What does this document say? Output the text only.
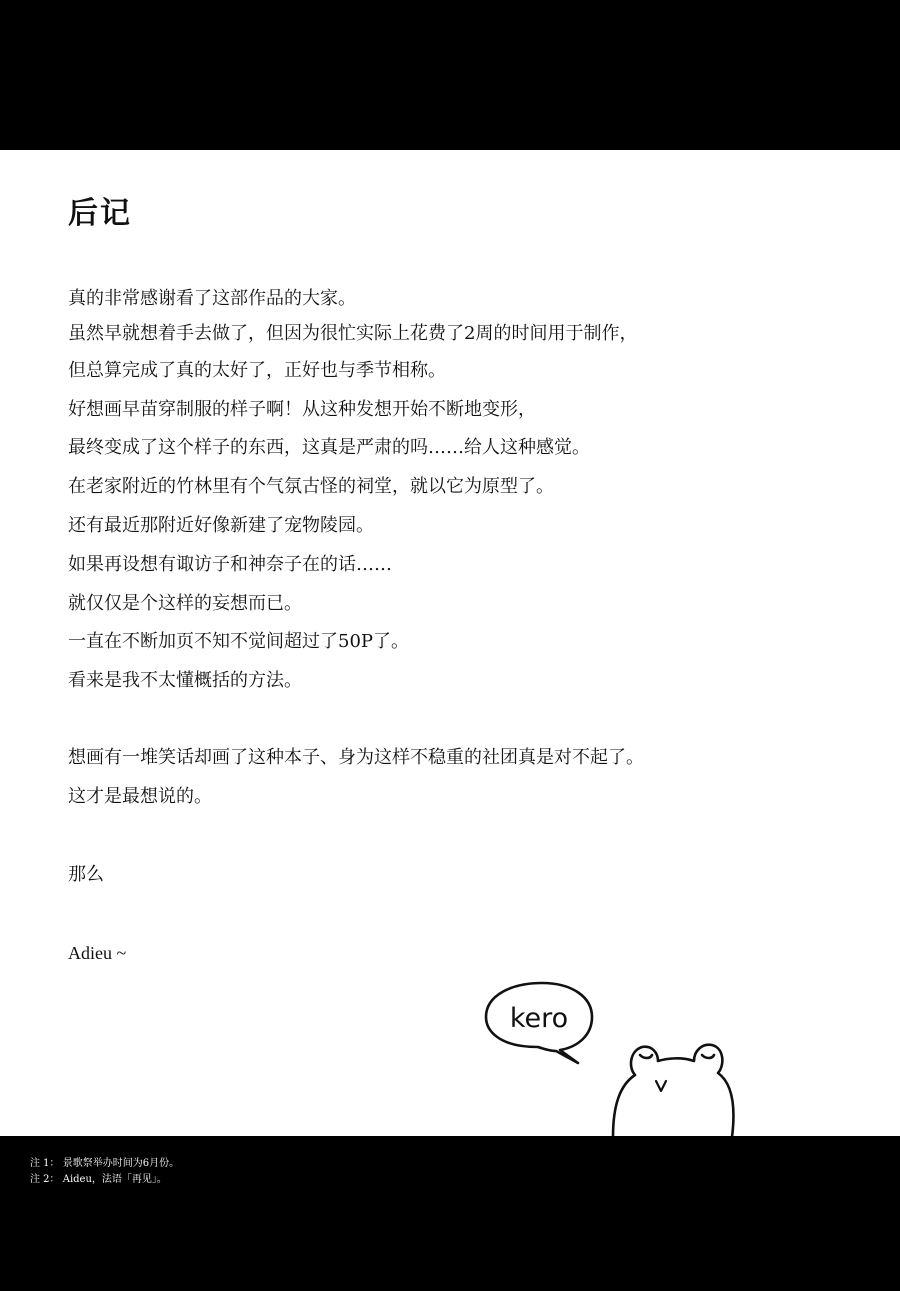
后记
真的非常感谢看了这部作品的大家。
虽然早就想着手去做了，但因为很忙实际上花费了2周的时间用于制作，
但总算完成了真的太好了，正好也与季节相称。
好想画早苗穿制服的样子啊！从这种发想开始不断地变形，
最终变成了这个样子的东西，这真是严肃的吗……给人这种感觉。
在老家附近的竹林里有个气氛古怪的祠堂，就以它为原型了。
还有最近那附近好像新建了宠物陵园。
如果再设想有诹访子和神奈子在的话……
就仅仅是个这样的妄想而已。
一直在不断加页不知不觉间超过了50P了。
看来是我不太懂概括的方法。
想画有一堆笑话却画了这种本子、身为这样不稳重的社团真是对不起了。
这才是最想说的。
那么
Adieu ~
kero
注 1： 景歌祭举办时间为6月份。
注 2： Aideu，法语「再见」。
